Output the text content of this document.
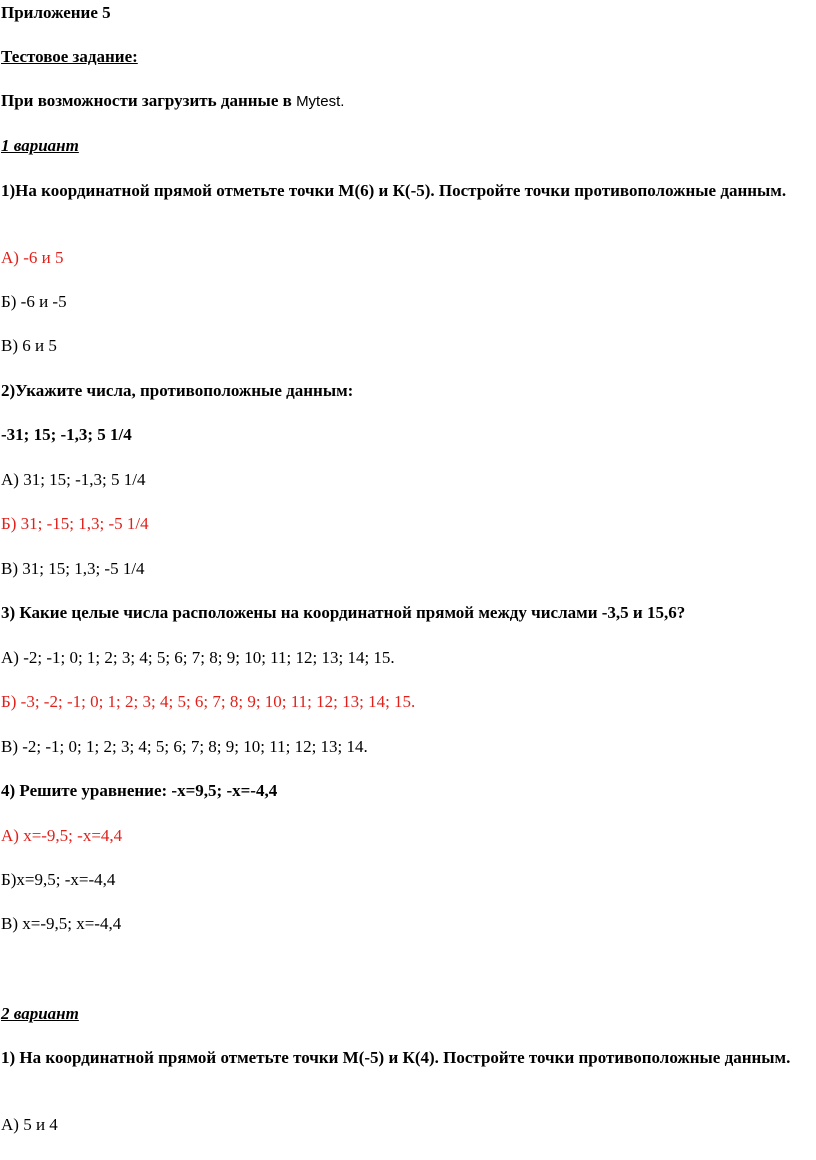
Приложение 5
Тестовое задание:
При возможности загрузить данные в Mytest.
1 вариант
1)На координатной прямой отметьте точки М(6) и К(-5). Постройте точки противоположные данным.
А) -6 и 5
Б) -6 и -5
В) 6 и 5
2)Укажите числа, противоположные данным:
-31; 15; -1,3; 5 1/4
А) 31; 15; -1,3; 5 1/4
Б) 31; -15; 1,3; -5 1/4
В) 31; 15; 1,3; -5 1/4
3) Какие целые числа расположены на координатной прямой между числами -3,5 и 15,6?
А) -2; -1; 0; 1; 2; 3; 4; 5; 6; 7; 8; 9; 10; 11; 12; 13; 14; 15.
Б) -3; -2; -1; 0; 1; 2; 3; 4; 5; 6; 7; 8; 9; 10; 11; 12; 13; 14; 15.
В) -2; -1; 0; 1; 2; 3; 4; 5; 6; 7; 8; 9; 10; 11; 12; 13; 14.
4) Решите уравнение: -х=9,5; -х=-4,4
А) х=-9,5; -х=4,4
Б)х=9,5; -х=-4,4
В) х=-9,5; х=-4,4
2 вариант
1) На координатной прямой отметьте точки М(-5) и К(4). Постройте точки противоположные данным.
А) 5 и 4
